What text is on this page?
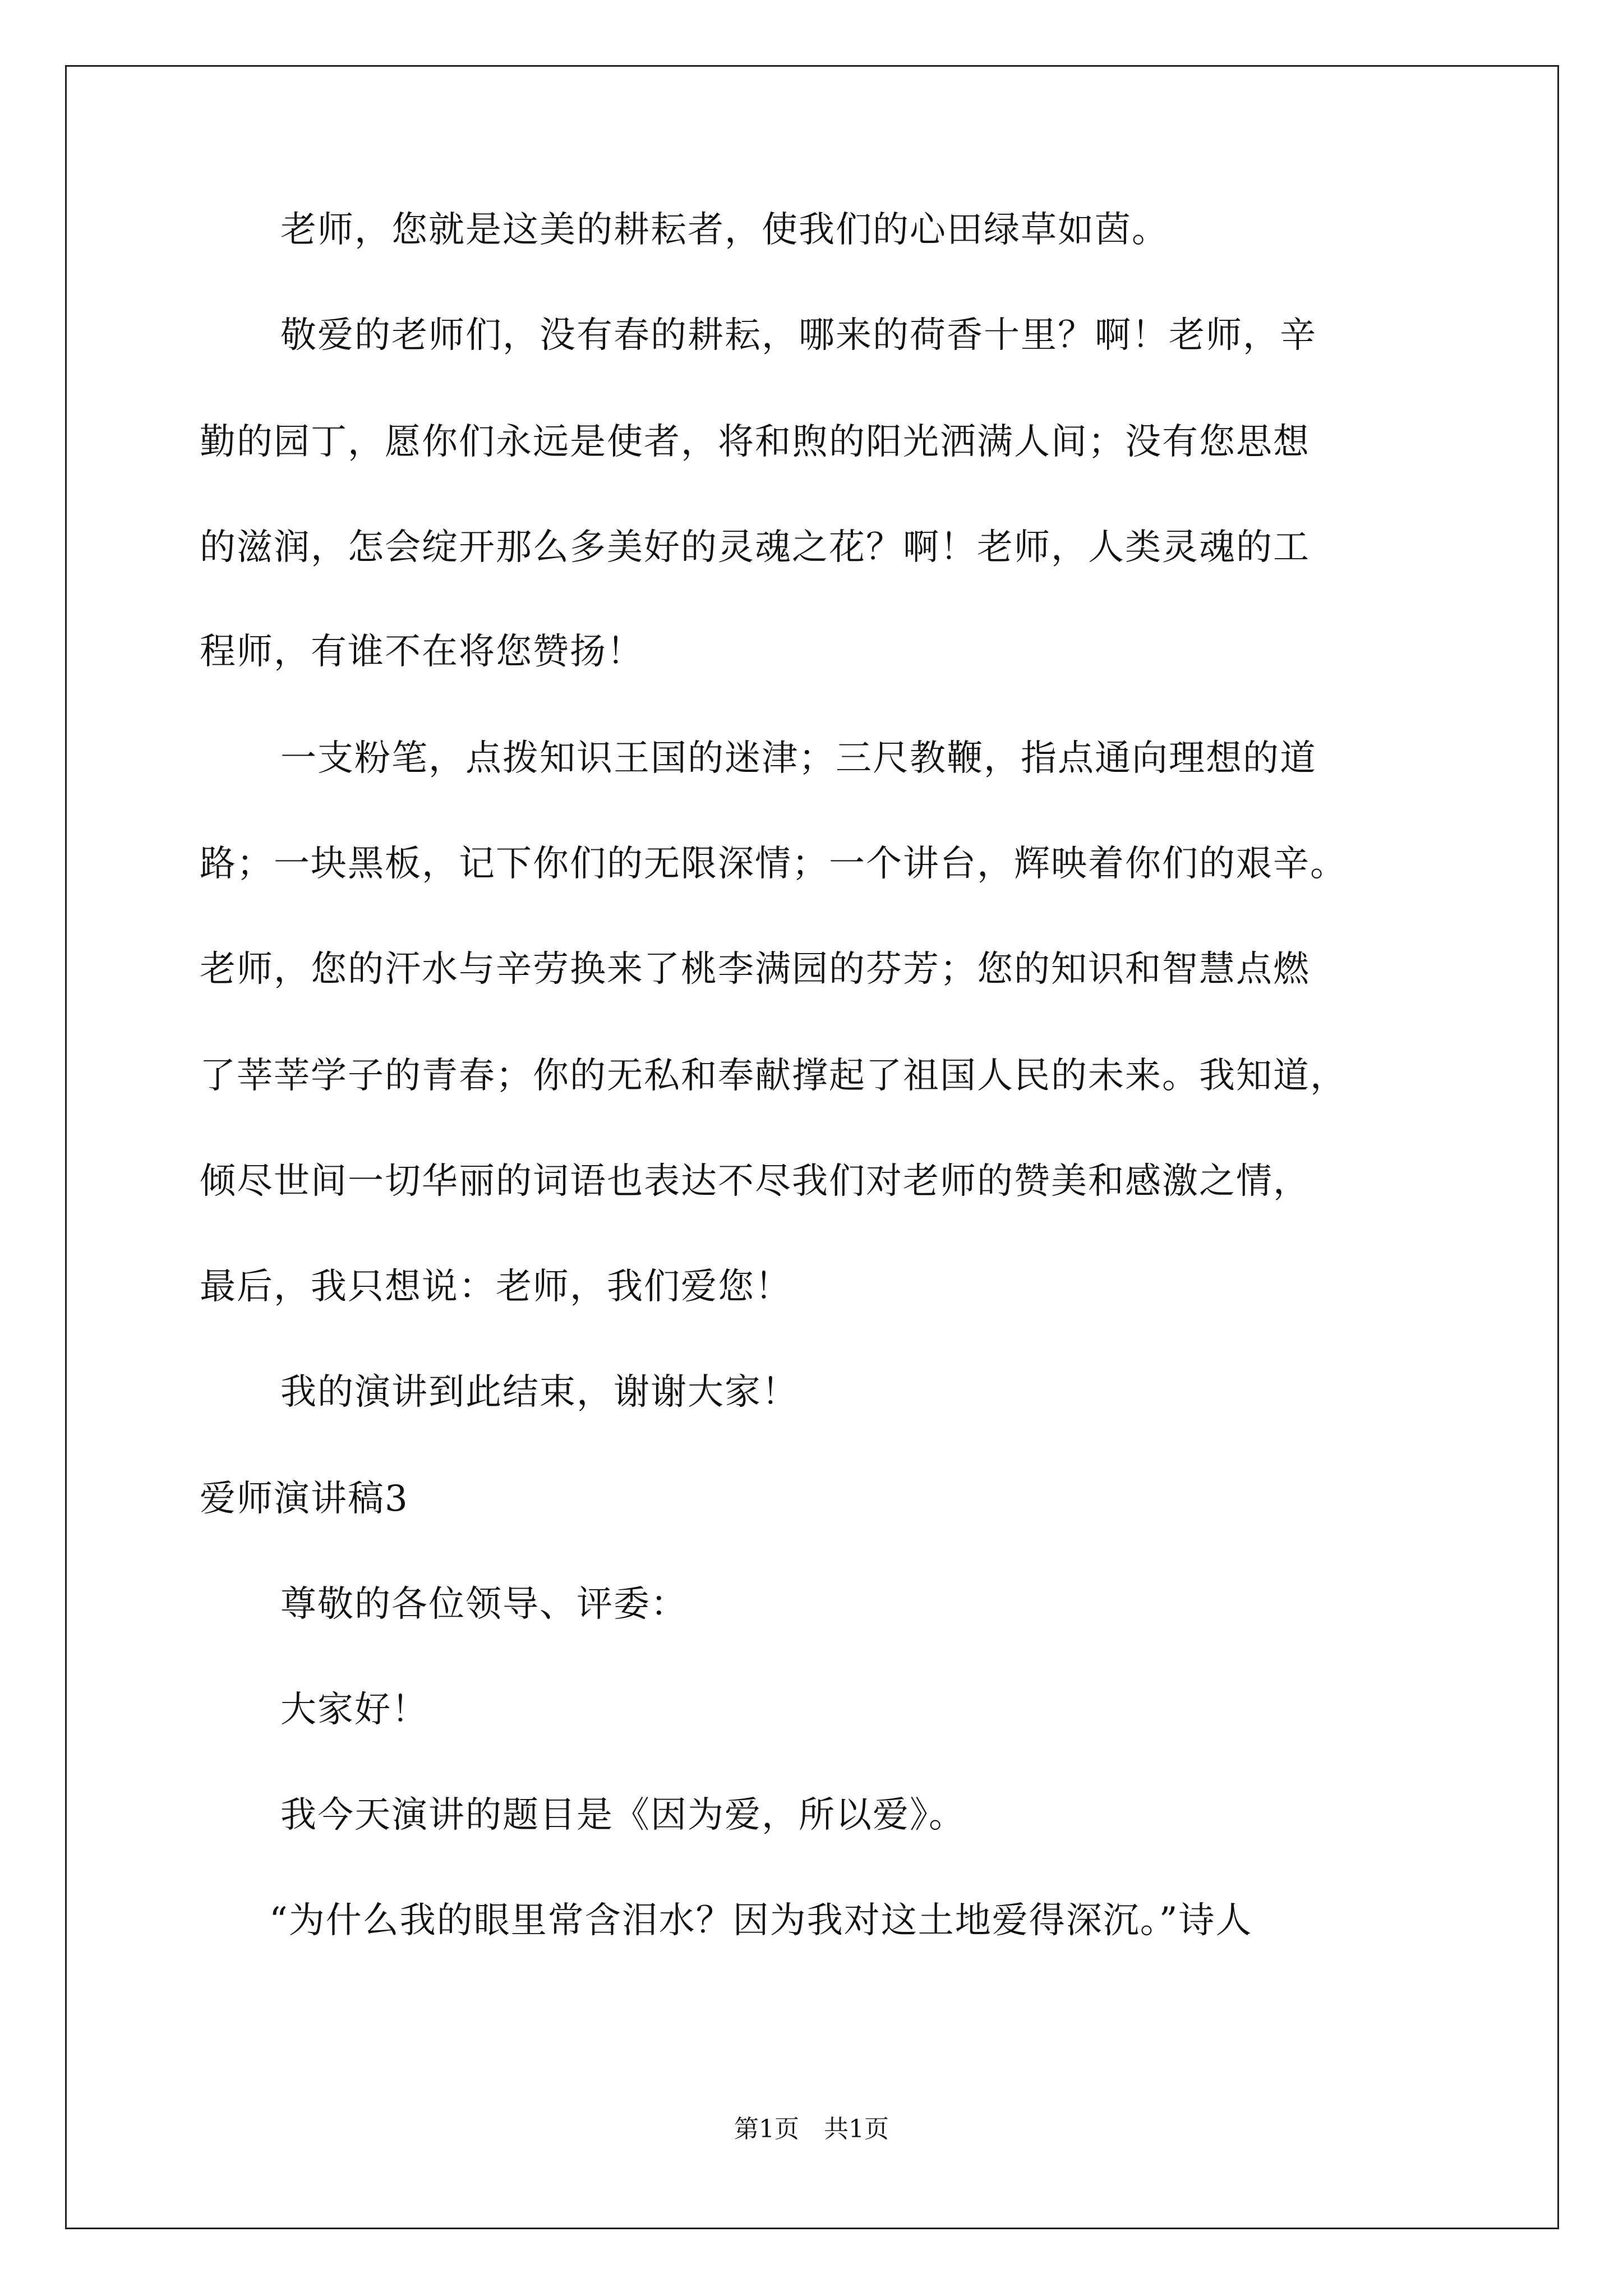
老师，您就是这美的耕耘者，使我们的心田绿草如茵。
敬爱的老师们，没有春的耕耘，哪来的荷香十里？啊！老师，辛
勤的园丁，愿你们永远是使者，将和煦的阳光洒满人间；没有您思想
的滋润，怎会绽开那么多美好的灵魂之花？啊！老师，人类灵魂的工
程师，有谁不在将您赞扬！
一支粉笔，点拨知识王国的迷津；三尺教鞭，指点通向理想的道
路；一块黑板，记下你们的无限深情；一个讲台，辉映着你们的艰辛。
老师，您的汗水与辛劳换来了桃李满园的芬芳；您的知识和智慧点燃
了莘莘学子的青春；你的无私和奉献撑起了祖国人民的未来。我知道，
倾尽世间一切华丽的词语也表达不尽我们对老师的赞美和感激之情，
最后，我只想说：老师，我们爱您！
我的演讲到此结束，谢谢大家！
爱师演讲稿3
尊敬的各位领导、评委：
大家好！
我今天演讲的题目是《因为爱，所以爱》。
“为什么我的眼里常含泪水？因为我对这土地爱得深沉。”诗人
第1页　共1页
